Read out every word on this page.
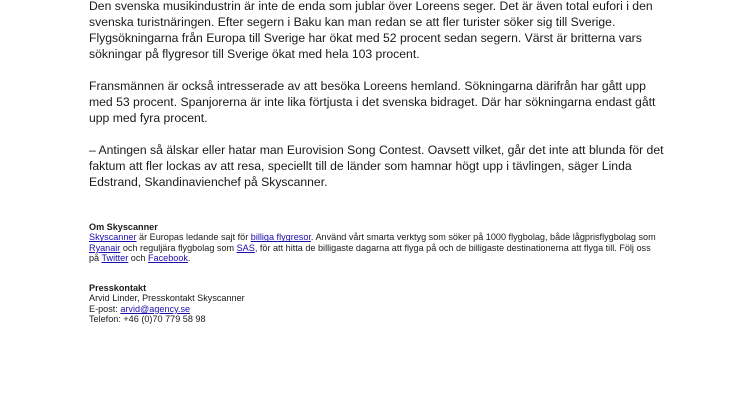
Den svenska musikindustrin är inte de enda som jublar över Loreens seger. Det är även total eufori i den svenska turistnäringen. Efter segern i Baku kan man redan se att fler turister söker sig till Sverige. Flygsökningarna från Europa till Sverige har ökat med 52 procent sedan segern. Värst är britterna vars sökningar på flygresor till Sverige ökat med hela 103 procent.

Fransmännen är också intresserade av att besöka Loreens hemland. Sökningarna därifrån har gått upp med 53 procent. Spanjorerna är inte lika förtjusta i det svenska bidraget. Där har sökningarna endast gått upp med fyra procent.

– Antingen så älskar eller hatar man Eurovision Song Contest. Oavsett vilket, går det inte att blunda för det faktum att fler lockas av att resa, speciellt till de länder som hamnar högt upp i tävlingen, säger Linda Edstrand, Skandinavienchef på Skyscanner.

Om Skyscanner

Skyscanner är Europas ledande sajt för billiga flygresor. Använd vårt smarta verktyg som söker på 1000 flygbolag, både lågprisflygbolag som Ryanair och reguljära flygbolag som SAS, för att hitta de billigaste dagarna att flyga på och de billigaste destinationerna att flyga till. Följ oss på Twitter och Facebook.

Presskontakt

Arvid Linder, Presskontakt Skyscanner

E-post: arvid@agency.se

Telefon: +46 (0)70 779 58 98
